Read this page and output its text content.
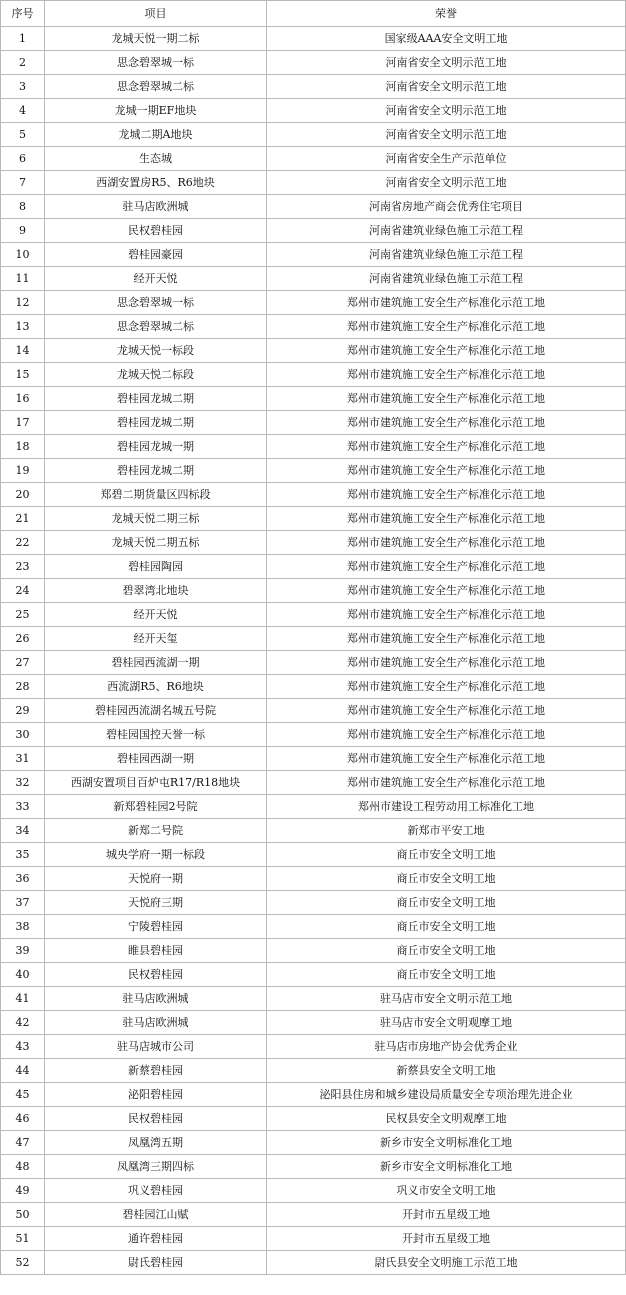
序号	项目	荣誉
1	龙城天悦一期二标	国家级AAA安全文明工地
2	思念碧翠城一标	河南省安全文明示范工地
3	思念碧翠城二标	河南省安全文明示范工地
4	龙城一期EF地块	河南省安全文明示范工地
5	龙城二期A地块	河南省安全文明示范工地
6	生态城	河南省安全生产示范单位
7	西湖安置房R5、R6地块	河南省安全文明示范工地
8	驻马店欧洲城	河南省房地产商会优秀住宅项目
9	民权碧桂园	河南省建筑业绿色施工示范工程
10	碧桂园豪园	河南省建筑业绿色施工示范工程
11	经开天悦	河南省建筑业绿色施工示范工程
12	思念碧翠城一标	郑州市建筑施工安全生产标准化示范工地
13	思念碧翠城二标	郑州市建筑施工安全生产标准化示范工地
14	龙城天悦一标段	郑州市建筑施工安全生产标准化示范工地
15	龙城天悦二标段	郑州市建筑施工安全生产标准化示范工地
16	碧桂园龙城二期	郑州市建筑施工安全生产标准化示范工地
17	碧桂园龙城二期	郑州市建筑施工安全生产标准化示范工地
18	碧桂园龙城一期	郑州市建筑施工安全生产标准化示范工地
19	碧桂园龙城二期	郑州市建筑施工安全生产标准化示范工地
20	郑碧二期货量区四标段	郑州市建筑施工安全生产标准化示范工地
21	龙城天悦二期三标	郑州市建筑施工安全生产标准化示范工地
22	龙城天悦二期五标	郑州市建筑施工安全生产标准化示范工地
23	碧桂园陶园	郑州市建筑施工安全生产标准化示范工地
24	碧翠湾北地块	郑州市建筑施工安全生产标准化示范工地
25	经开天悦	郑州市建筑施工安全生产标准化示范工地
26	经开天玺	郑州市建筑施工安全生产标准化示范工地
27	碧桂园西流湖一期	郑州市建筑施工安全生产标准化示范工地
28	西流湖R5、R6地块	郑州市建筑施工安全生产标准化示范工地
29	碧桂园西流湖名城五号院	郑州市建筑施工安全生产标准化示范工地
30	碧桂园国控天誉一标	郑州市建筑施工安全生产标准化示范工地
31	碧桂园西湖一期	郑州市建筑施工安全生产标准化示范工地
32	西湖安置项目百炉屯R17/R18地块	郑州市建筑施工安全生产标准化示范工地
33	新郑碧桂园2号院	郑州市建设工程劳动用工标准化工地
34	新郑二号院	新郑市平安工地
35	城央学府一期一标段	商丘市安全文明工地
36	天悦府一期	商丘市安全文明工地
37	天悦府三期	商丘市安全文明工地
38	宁陵碧桂园	商丘市安全文明工地
39	睢县碧桂园	商丘市安全文明工地
40	民权碧桂园	商丘市安全文明工地
41	驻马店欧洲城	驻马店市安全文明示范工地
42	驻马店欧洲城	驻马店市安全文明观摩工地
43	驻马店城市公司	驻马店市房地产协会优秀企业
44	新蔡碧桂园	新蔡县安全文明工地
45	泌阳碧桂园	泌阳县住房和城乡建设局质量安全专项治理先进企业
46	民权碧桂园	民权县安全文明观摩工地
47	凤凰湾五期	新乡市安全文明标准化工地
48	凤凰湾三期四标	新乡市安全文明标准化工地
49	巩义碧桂园	巩义市安全文明工地
50	碧桂园江山赋	开封市五星级工地
51	通许碧桂园	开封市五星级工地
52	尉氏碧桂园	尉氏县安全文明施工示范工地
